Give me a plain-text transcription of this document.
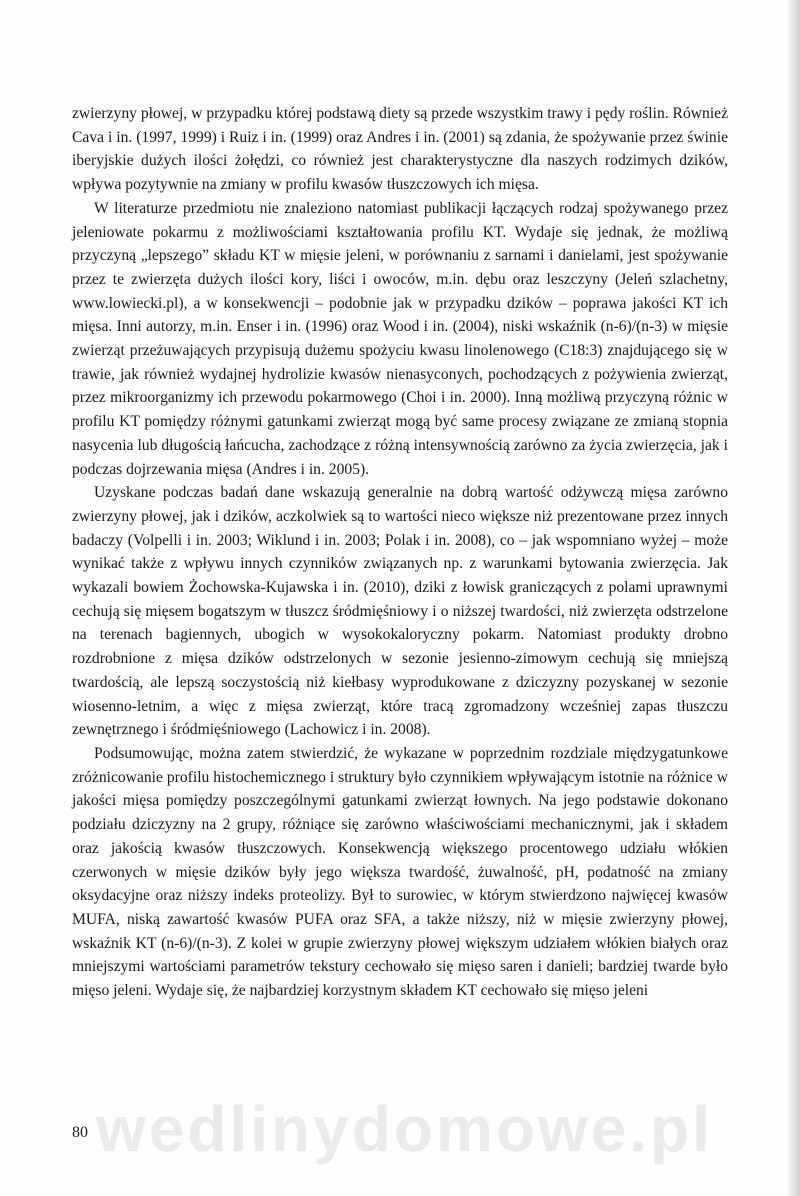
zwierzyny płowej, w przypadku której podstawą diety są przede wszystkim trawy i pędy roślin. Również Cava i in. (1997, 1999) i Ruiz i in. (1999) oraz Andres i in. (2001) są zdania, że spożywanie przez świnie iberyjskie dużych ilości żołędzi, co również jest charakterystyczne dla naszych rodzimych dzików, wpływa pozytywnie na zmiany w profilu kwasów tłuszczowych ich mięsa.

W literaturze przedmiotu nie znaleziono natomiast publikacji łączących rodzaj spożywanego przez jeleniowate pokarmu z możliwościami kształtowania profilu KT. Wydaje się jednak, że możliwą przyczyną „lepszego” składu KT w mięsie jeleni, w porównaniu z sarnami i danielami, jest spożywanie przez te zwierzęta dużych ilości kory, liści i owoców, m.in. dębu oraz leszczyny (Jeleń szlachetny, www.lowiecki.pl), a w konsekwencji – podobnie jak w przypadku dzików – poprawa jakości KT ich mięsa. Inni autorzy, m.in. Enser i in. (1996) oraz Wood i in. (2004), niski wskaźnik (n-6)/(n-3) w mięsie zwierząt przeżuwających przypisują dużemu spożyciu kwasu linolenowego (C18:3) znajdującego się w trawie, jak również wydajnej hydrolizie kwasów nienasyconych, pochodzących z pożywienia zwierząt, przez mikroorganizmy ich przewodu pokarmowego (Choi i in. 2000). Inną możliwą przyczyną różnic w profilu KT pomiędzy różnymi gatunkami zwierząt mogą być same procesy związane ze zmianą stopnia nasycenia lub długością łańcucha, zachodzące z różną intensywnością zarówno za życia zwierzęcia, jak i podczas dojrzewania mięsa (Andres i in. 2005).

Uzyskane podczas badań dane wskazują generalnie na dobrą wartość odżywczą mięsa zarówno zwierzyny płowej, jak i dzików, aczkolwiek są to wartości nieco większe niż prezentowane przez innych badaczy (Volpelli i in. 2003; Wiklund i in. 2003; Polak i in. 2008), co – jak wspomniano wyżej – może wynikać także z wpływu innych czynników związanych np. z warunkami bytowania zwierzęcia. Jak wykazali bowiem Żochowska-Kujawska i in. (2010), dziki z łowisk graniczących z polami uprawnymi cechują się mięsem bogatszym w tłuszcz śródmięśniowy i o niższej twardości, niż zwierzęta odstrzelone na terenach bagiennych, ubogich w wysokokaloryczny pokarm. Natomiast produkty drobno rozdrobnione z mięsa dzików odstrzelonych w sezonie jesienno-zimowym cechują się mniejszą twardością, ale lepszą soczystością niż kiełbasy wyprodukowane z dziczyzny pozyskanej w sezonie wiosenno-letnim, a więc z mięsa zwierząt, które tracą zgromadzony wcześniej zapas tłuszczu zewnętrznego i śródmięśniowego (Lachowicz i in. 2008).

Podsumowując, można zatem stwierdzić, że wykazane w poprzednim rozdziale międzygatunkowe zróżnicowanie profilu histochemicznego i struktury było czynnikiem wpływającym istotnie na różnice w jakości mięsa pomiędzy poszczególnymi gatunkami zwierząt łownych. Na jego podstawie dokonano podziału dziczyzny na 2 grupy, różniące się zarówno właściwościami mechanicznymi, jak i składem oraz jakością kwasów tłuszczowych. Konsekwencją większego procentowego udziału włókien czerwonych w mięsie dzików były jego większa twardość, żuwalność, pH, podatność na zmiany oksydacyjne oraz niższy indeks proteolizy. Był to surowiec, w którym stwierdzono najwięcej kwasów MUFA, niską zawartość kwasów PUFA oraz SFA, a także niższy, niż w mięsie zwierzyny płowej, wskaźnik KT (n-6)/(n-3). Z kolei w grupie zwierzyny płowej większym udziałem włókien białych oraz mniejszymi wartościami parametrów tekstury cechowało się mięso saren i danieli; bardziej twarde było mięso jeleni. Wydaje się, że najbardziej korzystnym składem KT cechowało się mięso jeleni

wedlinydomowe.pl
80
